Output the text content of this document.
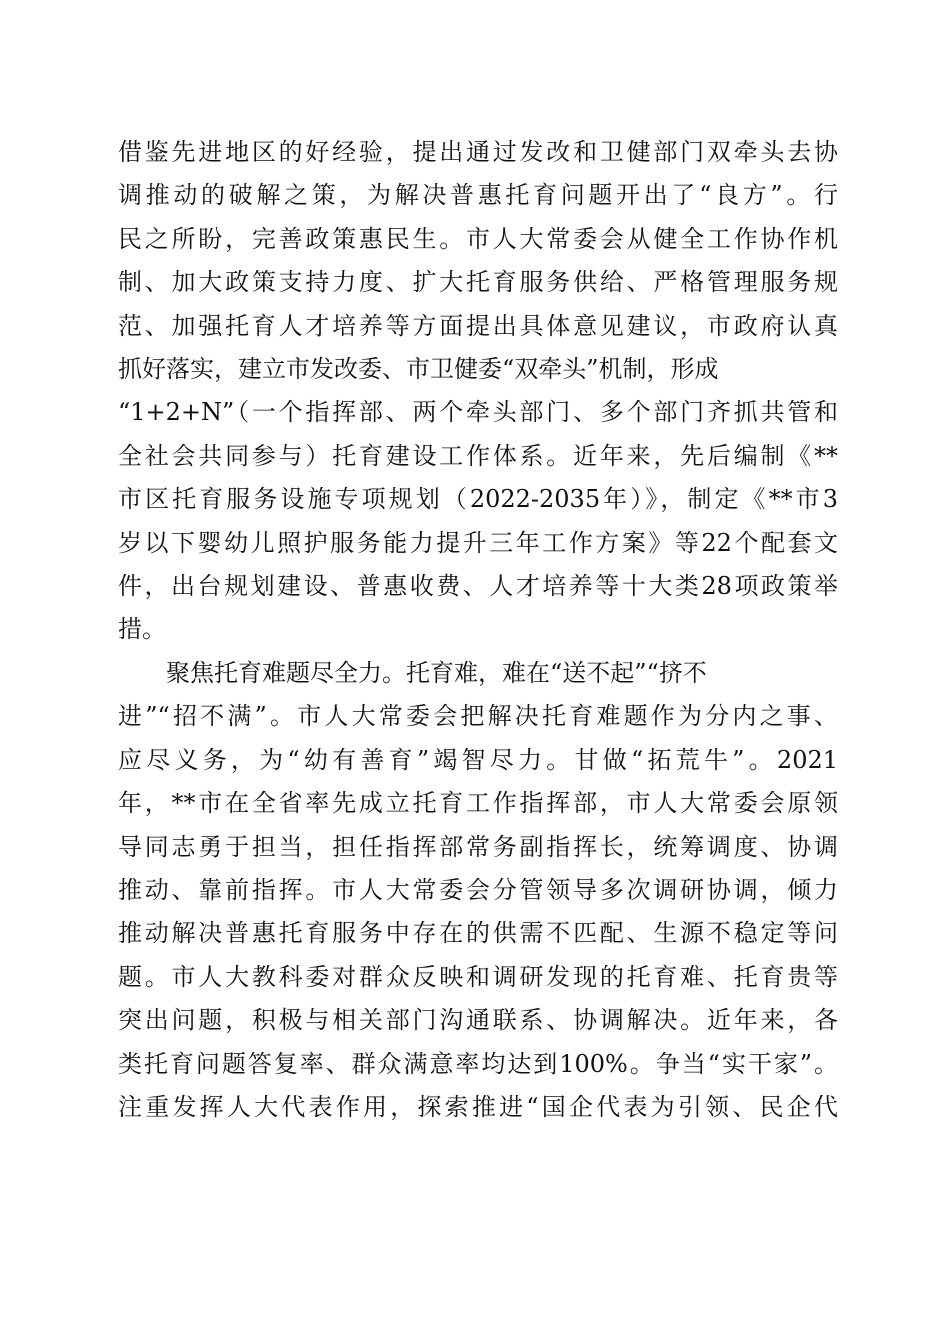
借鉴先进地区的好经验，提出通过发改和卫健部门双牵头去协
调推动的破解之策，为解决普惠托育问题开出了“良方”。行
民之所盼，完善政策惠民生。市人大常委会从健全工作协作机
制、加大政策支持力度、扩大托育服务供给、严格管理服务规
范、加强托育人才培养等方面提出具体意见建议，市政府认真
抓好落实，建立市发改委、市卫健委“双牵头”机制，形成
“1+2+N”（一个指挥部、两个牵头部门、多个部门齐抓共管和
全社会共同参与）托育建设工作体系。近年来，先后编制《**
市区托育服务设施专项规划（2022-2035年）》，制定《**市3
岁以下婴幼儿照护服务能力提升三年工作方案》等22个配套文
件，出台规划建设、普惠收费、人才培养等十大类28项政策举
措。
聚焦托育难题尽全力。托育难，难在“送不起”“挤不
进”“招不满”。市人大常委会把解决托育难题作为分内之事、
应尽义务，为“幼有善育”竭智尽力。甘做“拓荒牛”。2021
年，**市在全省率先成立托育工作指挥部，市人大常委会原领
导同志勇于担当，担任指挥部常务副指挥长，统筹调度、协调
推动、靠前指挥。市人大常委会分管领导多次调研协调，倾力
推动解决普惠托育服务中存在的供需不匹配、生源不稳定等问
题。市人大教科委对群众反映和调研发现的托育难、托育贵等
突出问题，积极与相关部门沟通联系、协调解决。近年来，各
类托育问题答复率、群众满意率均达到100%。争当“实干家”。
注重发挥人大代表作用，探索推进“国企代表为引领、民企代
